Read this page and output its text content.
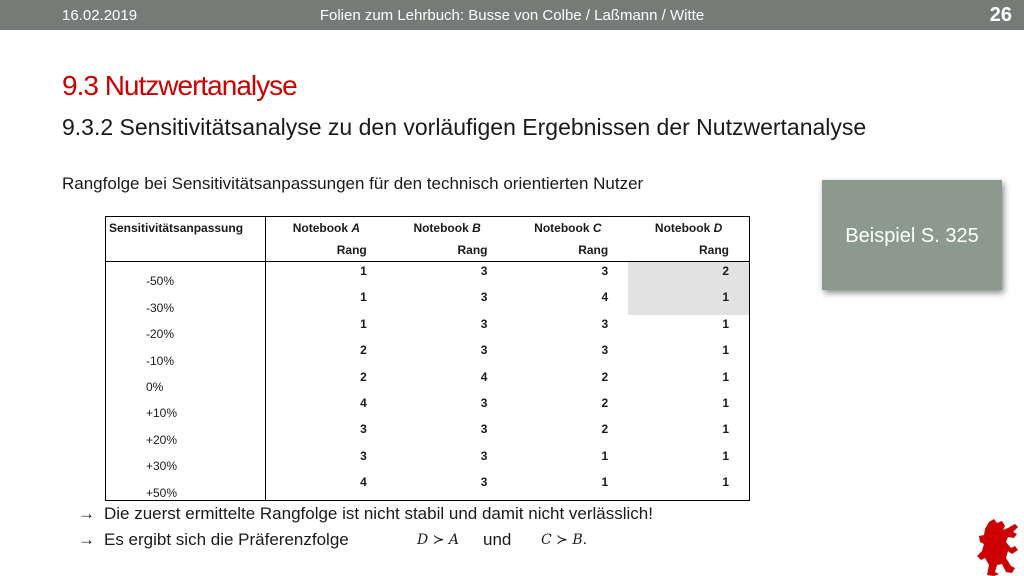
16.02.2019	Folien zum Lehrbuch: Busse von Colbe / Laßmann / Witte	26
9.3 Nutzwertanalyse
9.3.2 Sensitivitätsanalyse zu den vorläufigen Ergebnissen der Nutzwertanalyse
Rangfolge bei Sensitivitätsanpassungen für den technisch orientierten Nutzer
Beispiel S. 325
Sensitivitätsanpassung	Notebook A	Notebook B	Notebook C	Notebook D
	Rang	Rang	Rang	Rang
-50%	1	3	3	2
-30%	1	3	4	1
-20%	1	3	3	1
-10%	2	3	3	1
0%	2	4	2	1
+10%	4	3	2	1
+20%	3	3	2	1
+30%	3	3	1	1
+50%	4	3	1	1
→ Die zuerst ermittelte Rangfolge ist nicht stabil und damit nicht verlässlich!
→ Es ergibt sich die Präferenzfolge	D ≻ A und C ≻ B.
